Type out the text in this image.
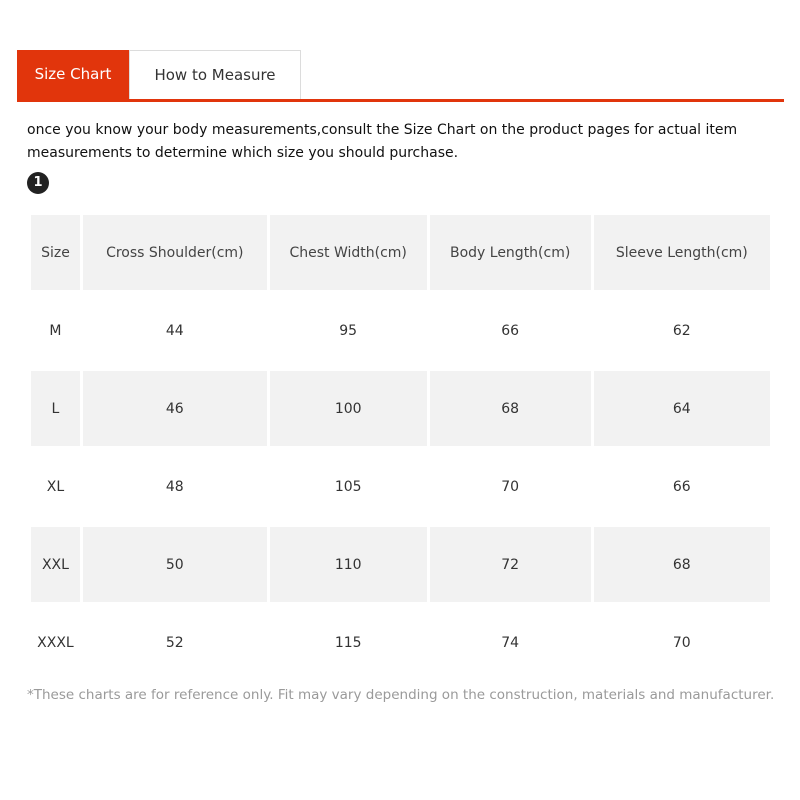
Size Chart	How to Measure
once you know your body measurements,consult the Size Chart on the product pages for actual item measurements to determine which size you should purchase.
1
Size	Cross Shoulder(cm)	Chest Width(cm)	Body Length(cm)	Sleeve Length(cm)
M	44	95	66	62
L	46	100	68	64
XL	48	105	70	66
XXL	50	110	72	68
XXXL	52	115	74	70
*These charts are for reference only. Fit may vary depending on the construction, materials and manufacturer.
